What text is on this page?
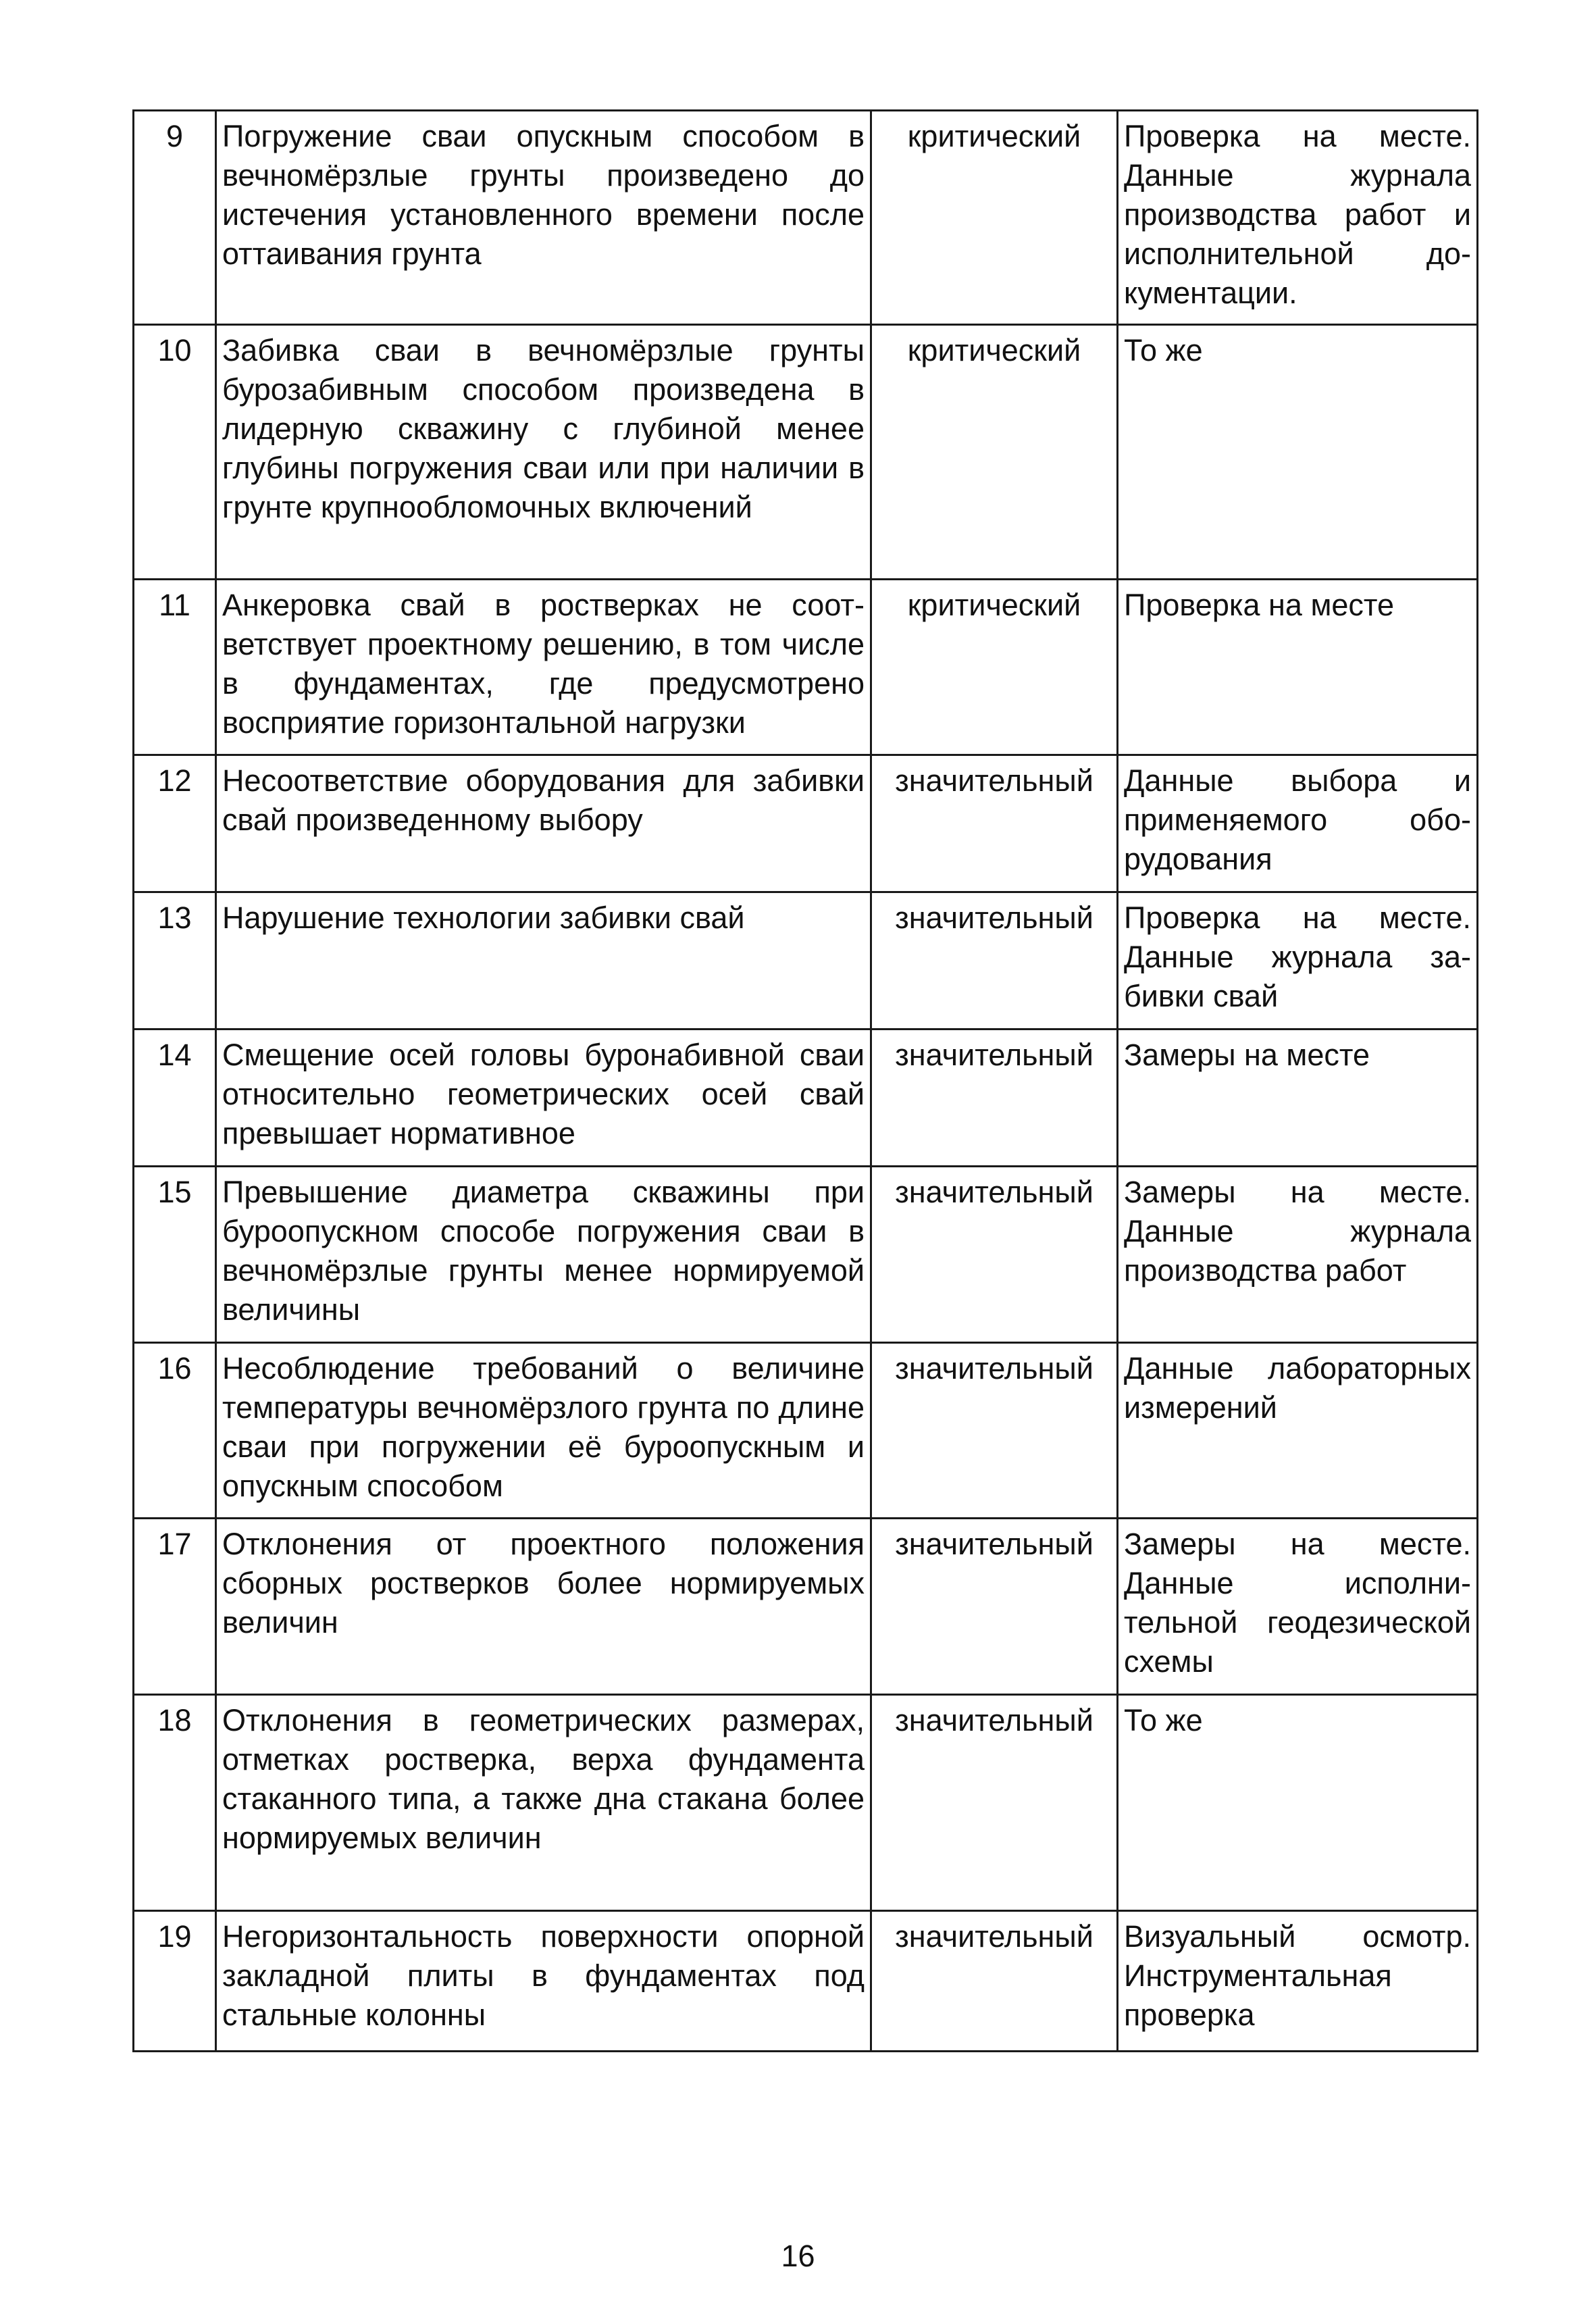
9	Погружение сваи опускным способом в вечномёрзлые грунты произведено до истечения установленного времени после оттаивания грунта	критический	Проверка на месте. Данные журнала производства работ и исполнительной документации.
10	Забивка сваи в вечномёрзлые грунты бурозабивным способом произведена в лидерную скважину с глубиной менее глубины погружения сваи или при наличии в грунте крупнообломочных включений	критический	То же
11	Анкеровка свай в ростверках не соответствует проектному решению, в том числе в фундаментах, где предусмотрено восприятие горизонтальной нагрузки	критический	Проверка на месте
12	Несоответствие оборудования для забивки свай произведенному выбору	значительный	Данные выбора и применяемого оборудования
13	Нарушение технологии забивки свай	значительный	Проверка на месте. Данные журнала забивки свай
14	Смещение осей головы буронабивной сваи относительно геометрических осей свай превышает нормативное	значительный	Замеры на месте
15	Превышение диаметра скважины при буроопускном способе погружения сваи в вечномёрзлые грунты менее нормируемой величины	значительный	Замеры на месте. Данные журнала производства работ
16	Несоблюдение требований о величине температуры вечномёрзлого грунта по длине сваи при погружении её буроопускным и опускным способом	значительный	Данные лабораторных измерений
17	Отклонения от проектного положения сборных ростверков более нормируемых величин	значительный	Замеры на месте. Данные исполнительной геодезической схемы
18	Отклонения в геометрических размерах, отметках ростверка, верха фундамента стаканного типа, а также дна стакана более нормируемых величин	значительный	То же
19	Негоризонтальность поверхности опорной закладной плиты в фундаментах под стальные колонны	значительный	Визуальный осмотр. Инструментальная проверка
16
